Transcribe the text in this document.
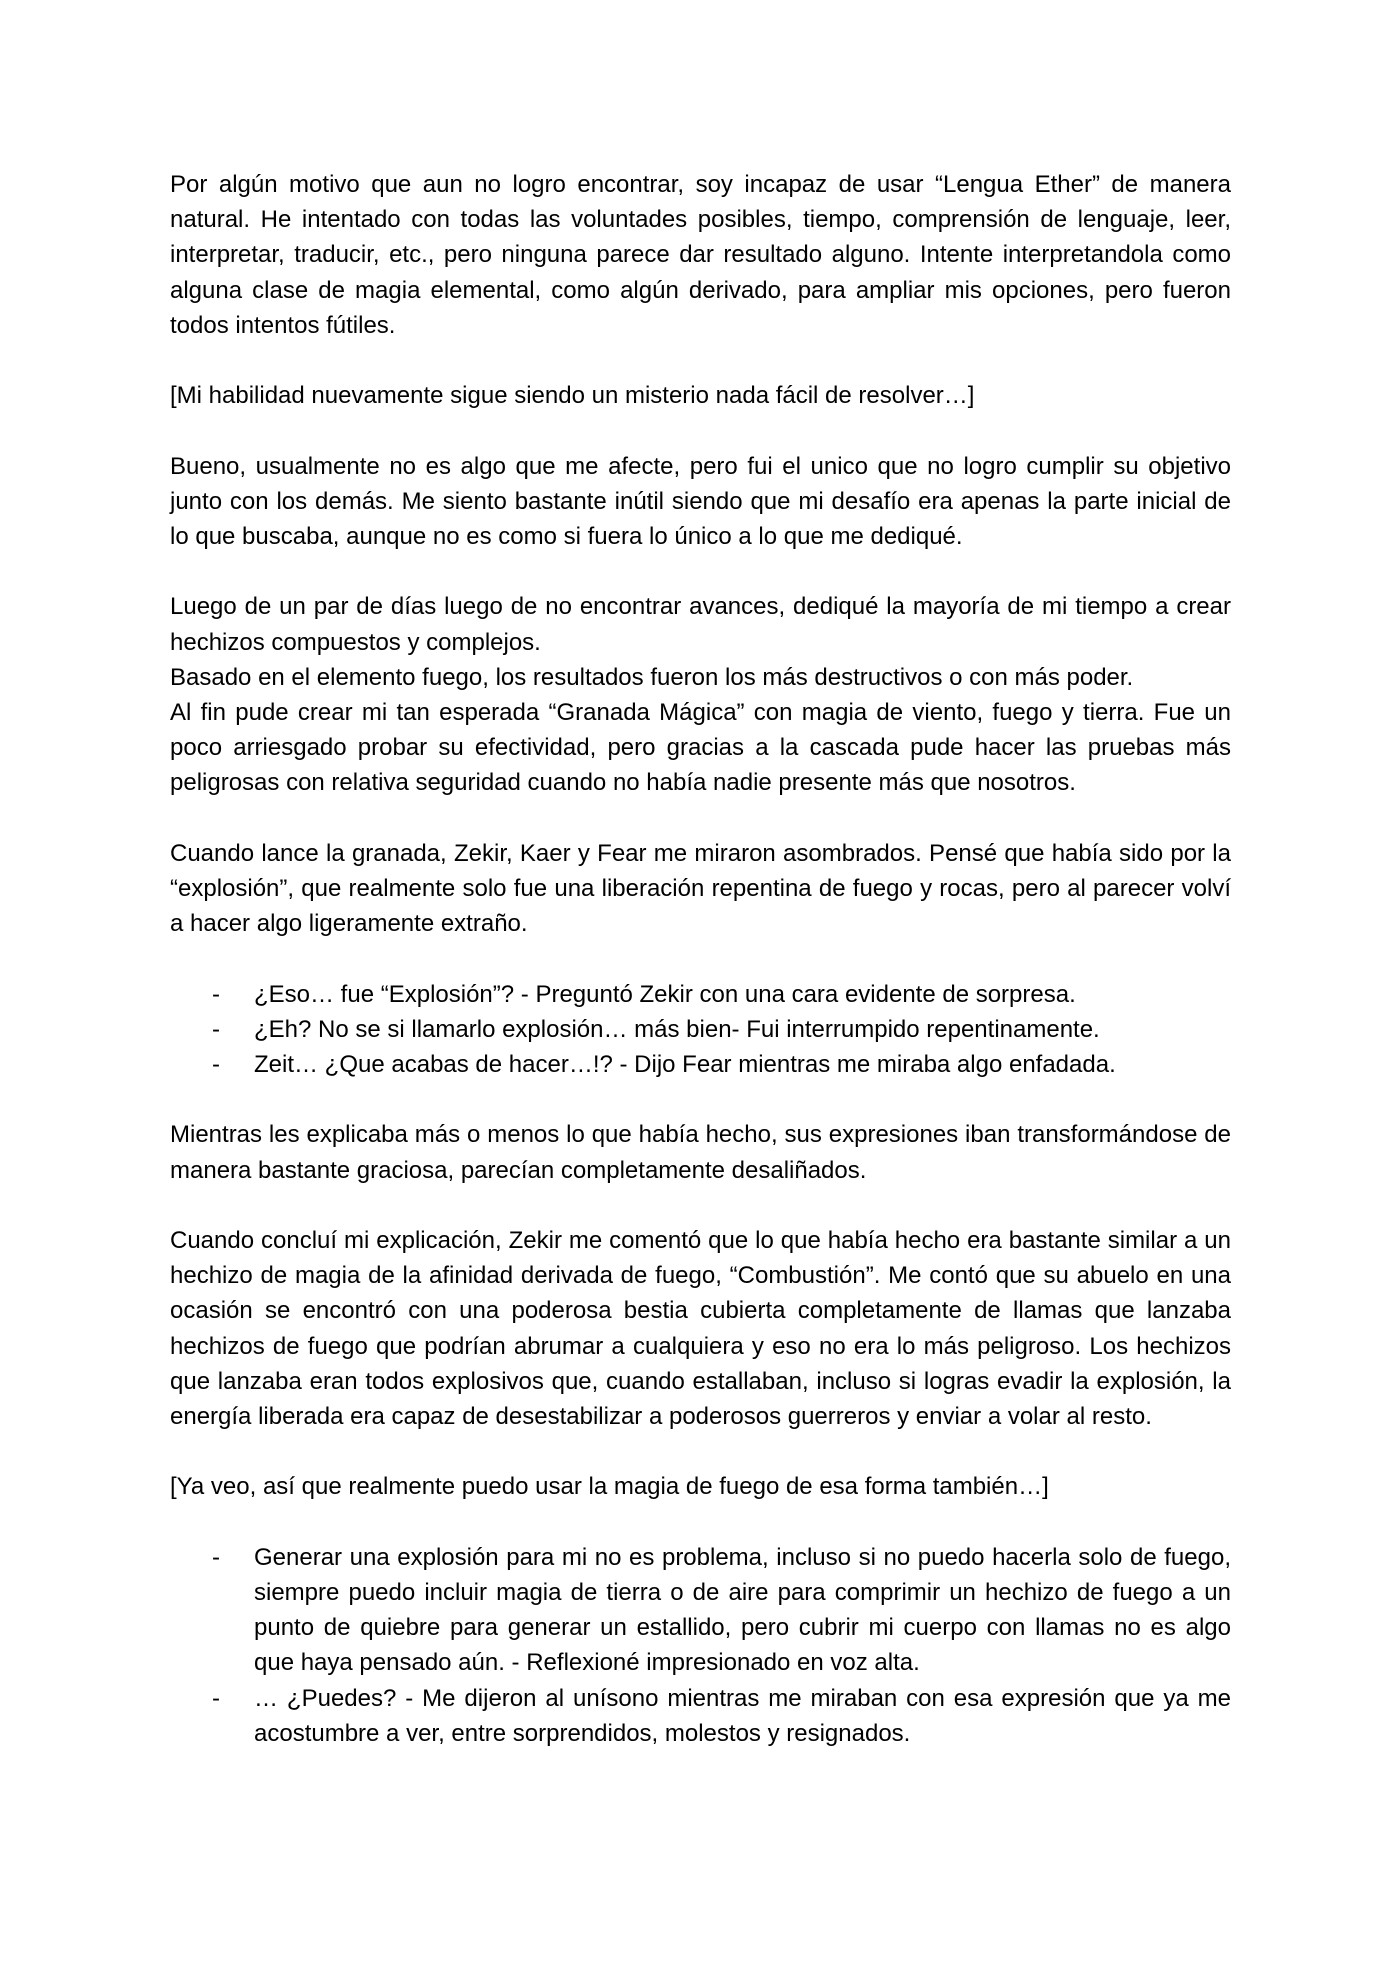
Por algún motivo que aun no logro encontrar, soy incapaz de usar “Lengua Ether” de manera natural. He intentado con todas las voluntades posibles, tiempo, comprensión de lenguaje, leer, interpretar, traducir, etc., pero ninguna parece dar resultado alguno. Intente interpretandola como alguna clase de magia elemental, como algún derivado, para ampliar mis opciones, pero fueron todos intentos fútiles.

[Mi habilidad nuevamente sigue siendo un misterio nada fácil de resolver…]

Bueno, usualmente no es algo que me afecte, pero fui el unico que no logro cumplir su objetivo junto con los demás. Me siento bastante inútil siendo que mi desafío era apenas la parte inicial de lo que buscaba, aunque no es como si fuera lo único a lo que me dediqué.

Luego de un par de días luego de no encontrar avances, dediqué la mayoría de mi tiempo a crear hechizos compuestos y complejos.

Basado en el elemento fuego, los resultados fueron los más destructivos o con más poder.

Al fin pude crear mi tan esperada “Granada Mágica” con magia de viento, fuego y tierra. Fue un poco arriesgado probar su efectividad, pero gracias a la cascada pude hacer las pruebas más peligrosas con relativa seguridad cuando no había nadie presente más que nosotros.

Cuando lance la granada, Zekir, Kaer y Fear me miraron asombrados. Pensé que había sido por la “explosión”, que realmente solo fue una liberación repentina de fuego y rocas, pero al parecer volví a hacer algo ligeramente extraño.

- ¿Eso… fue “Explosión”? - Preguntó Zekir con una cara evidente de sorpresa.
- ¿Eh? No se si llamarlo explosión… más bien- Fui interrumpido repentinamente.
- Zeit… ¿Que acabas de hacer…!? - Dijo Fear mientras me miraba algo enfadada.

Mientras les explicaba más o menos lo que había hecho, sus expresiones iban transformándose de manera bastante graciosa, parecían completamente desaliñados.

Cuando concluí mi explicación, Zekir me comentó que lo que había hecho era bastante similar a un hechizo de magia de la afinidad derivada de fuego, “Combustión”. Me contó que su abuelo en una ocasión se encontró con una poderosa bestia cubierta completamente de llamas que lanzaba hechizos de fuego que podrían abrumar a cualquiera y eso no era lo más peligroso. Los hechizos que lanzaba eran todos explosivos que, cuando estallaban, incluso si logras evadir la explosión, la energía liberada era capaz de desestabilizar a poderosos guerreros y enviar a volar al resto.

[Ya veo, así que realmente puedo usar la magia de fuego de esa forma también…]

- Generar una explosión para mi no es problema, incluso si no puedo hacerla solo de fuego, siempre puedo incluir magia de tierra o de aire para comprimir un hechizo de fuego a un punto de quiebre para generar un estallido, pero cubrir mi cuerpo con llamas no es algo que haya pensado aún. - Reflexioné impresionado en voz alta.
- … ¿Puedes? - Me dijeron al unísono mientras me miraban con esa expresión que ya me acostumbre a ver, entre sorprendidos, molestos y resignados.
